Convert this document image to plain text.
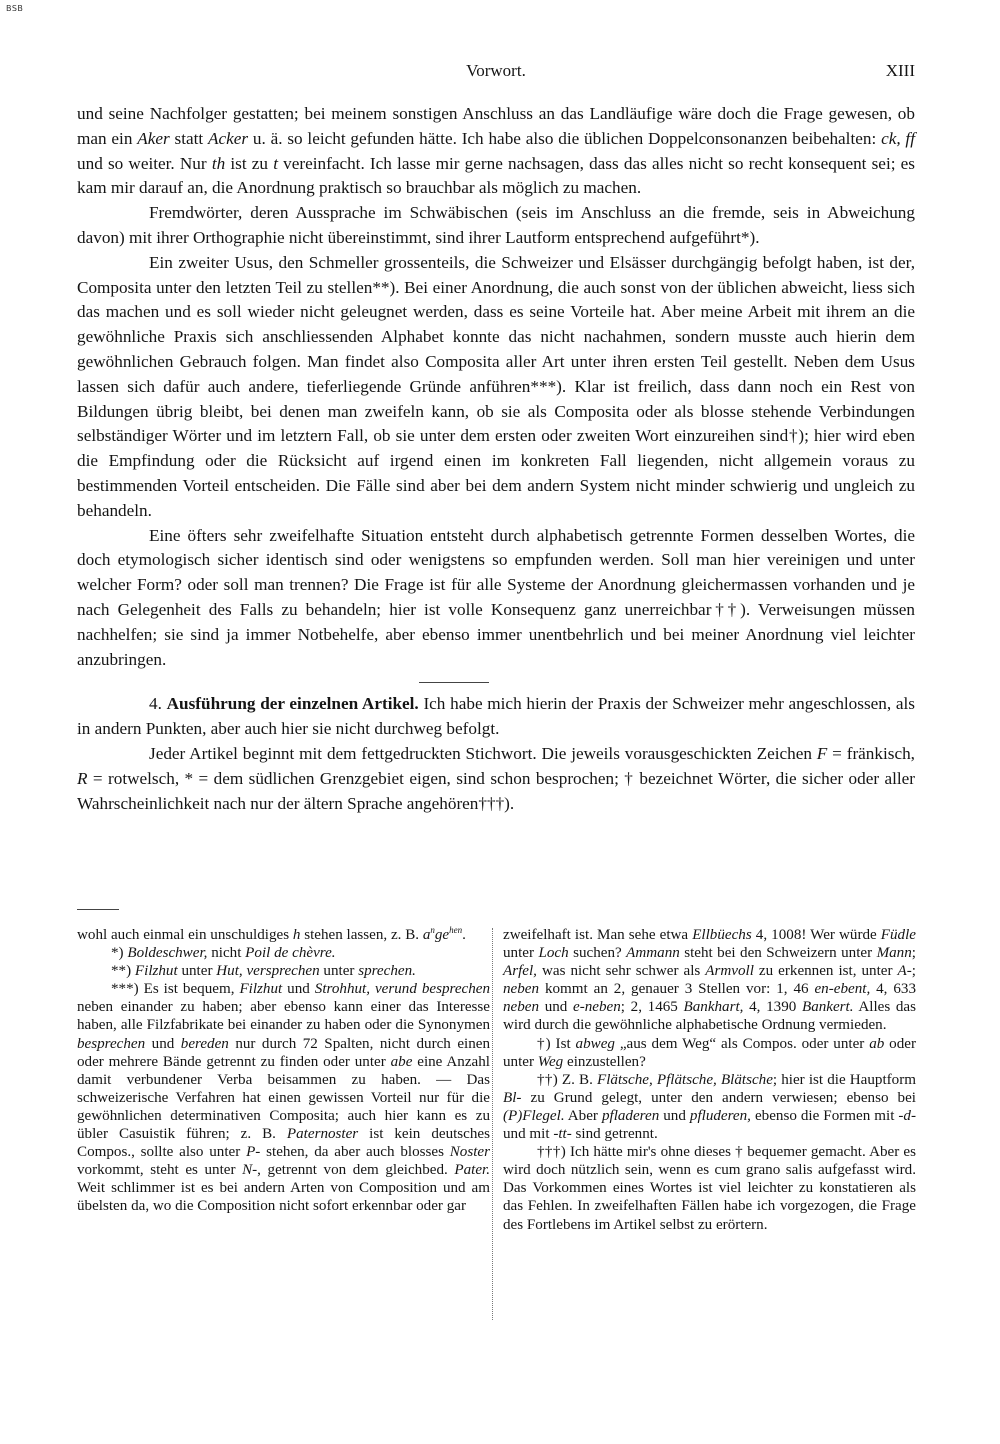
BSB
Vorwort.	XIII

und seine Nachfolger gestatten; bei meinem sonstigen Anschluss an das Landläufige wäre doch die Frage gewesen, ob man ein Aker statt Acker u. ä. so leicht gefunden hätte. Ich habe also die üblichen Doppelconsonanzen beibehalten: ck, ff und so weiter. Nur th ist zu t vereinfacht. Ich lasse mir gerne nachsagen, dass das alles nicht so recht konsequent sei; es kam mir darauf an, die Anordnung praktisch so brauchbar als möglich zu machen.

Fremdwörter, deren Aussprache im Schwäbischen (seis im Anschluss an die fremde, seis in Abweichung davon) mit ihrer Orthographie nicht übereinstimmt, sind ihrer Lautform entsprechend aufgeführt*).

Ein zweiter Usus, den Schmeller grossenteils, die Schweizer und Elsässer durchgängig befolgt haben, ist der, Composita unter den letzten Teil zu stellen**). Bei einer Anordnung, die auch sonst von der üblichen abweicht, liess sich das machen und es soll wieder nicht geleugnet werden, dass es seine Vorteile hat. Aber meine Arbeit mit ihrem an die gewöhnliche Praxis sich anschliessenden Alphabet konnte das nicht nachahmen, sondern musste auch hierin dem gewöhnlichen Gebrauch folgen. Man findet also Composita aller Art unter ihren ersten Teil gestellt. Neben dem Usus lassen sich dafür auch andere, tieferliegende Gründe anführen***). Klar ist freilich, dass dann noch ein Rest von Bildungen übrig bleibt, bei denen man zweifeln kann, ob sie als Composita oder als blosse stehende Verbindungen selbständiger Wörter und im letztern Fall, ob sie unter dem ersten oder zweiten Wort einzureihen sind†); hier wird eben die Empfindung oder die Rücksicht auf irgend einen im konkreten Fall liegenden, nicht allgemein voraus zu bestimmenden Vorteil entscheiden. Die Fälle sind aber bei dem andern System nicht minder schwierig und ungleich zu behandeln.

Eine öfters sehr zweifelhafte Situation entsteht durch alphabetisch getrennte Formen desselben Wortes, die doch etymologisch sicher identisch sind oder wenigstens so empfunden werden. Soll man hier vereinigen und unter welcher Form? oder soll man trennen? Die Frage ist für alle Systeme der Anordnung gleichermassen vorhanden und je nach Gelegenheit des Falls zu behandeln; hier ist volle Konsequenz ganz unerreichbar††). Verweisungen müssen nachhelfen; sie sind ja immer Notbehelfe, aber ebenso immer unentbehrlich und bei meiner Anordnung viel leichter anzubringen.

4. Ausführung der einzelnen Artikel. Ich habe mich hierin der Praxis der Schweizer mehr angeschlossen, als in andern Punkten, aber auch hier sie nicht durchweg befolgt.

Jeder Artikel beginnt mit dem fettgedruckten Stichwort. Die jeweils vorausgeschickten Zeichen F = fränkisch, R = rotwelsch, * = dem südlichen Grenzgebiet eigen, sind schon besprochen; † bezeichnet Wörter, die sicher oder aller Wahrscheinlichkeit nach nur der ältern Sprache angehören†††).

wohl auch einmal ein unschuldiges h stehen lassen, z. B. $a^nge^{hen}$.

*) Boldeschwer, nicht Poil de chèvre.

**) Filzhut unter Hut, versprechen unter sprechen.

***) Es ist bequem, Filzhut und Strohhut, verund besprechen neben einander zu haben; aber ebenso kann einer das Interesse haben, alle Filzfabrikate bei einander zu haben oder die Synonymen besprechen und bereden nur durch 72 Spalten, nicht durch einen oder mehrere Bände getrennt zu finden oder unter abe eine Anzahl damit verbundener Verba beisammen zu haben. — Das schweizerische Verfahren hat einen gewissen Vorteil nur für die gewöhnlichen determinativen Composita; auch hier kann es zu übler Casuistik führen; z. B. Paternoster ist kein deutsches Compos., sollte also unter P- stehen, da aber auch blosses Noster vorkommt, steht es unter N-, getrennt von dem gleichbed. Pater. Weit schlimmer ist es bei andern Arten von Composition und am übelsten da, wo die Composition nicht sofort erkennbar oder gar

zweifelhaft ist. Man sehe etwa Ellbüechs 4, 1008! Wer würde Füdle unter Loch suchen? Ammann steht bei den Schweizern unter Mann; Arfel, was nicht sehr schwer als Armvoll zu erkennen ist, unter A-; neben kommt an 2, genauer 3 Stellen vor: 1, 46 en-ebent, 4, 633 neben und e-neben; 2, 1465 Bankhart, 4, 1390 Bankert. Alles das wird durch die gewöhnliche alphabetische Ordnung vermieden.

†) Ist abweg „aus dem Weg“ als Compos. oder unter ab oder unter Weg einzustellen?

††) Z. B. Flätsche, Pflätsche, Blätsche; hier ist die Hauptform Bl- zu Grund gelegt, unter den andern verwiesen; ebenso bei (P)Flegel. Aber pfladeren und pfluderen, ebenso die Formen mit -d- und mit -tt- sind getrennt.

†††) Ich hätte mir's ohne dieses † bequemer gemacht. Aber es wird doch nützlich sein, wenn es cum grano salis aufgefasst wird. Das Vorkommen eines Wortes ist viel leichter zu konstatieren als das Fehlen. In zweifelhaften Fällen habe ich vorgezogen, die Frage des Fortlebens im Artikel selbst zu erörtern.
